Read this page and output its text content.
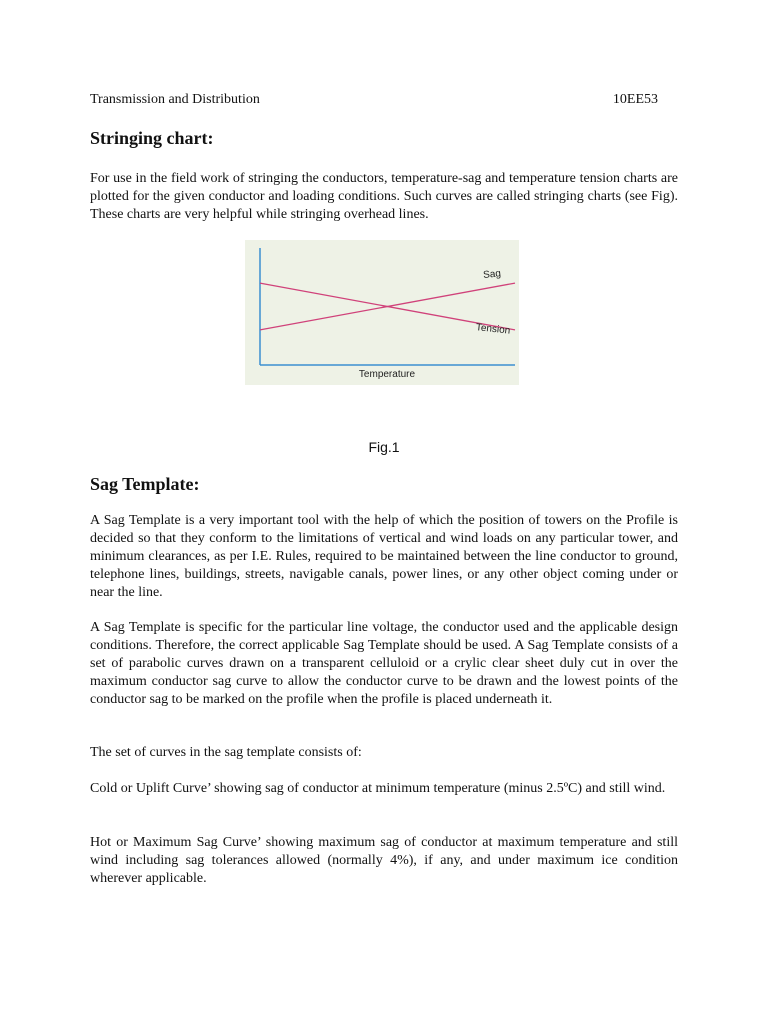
Transmission and Distribution	10EE53
Stringing chart:

For use in the field work of stringing the conductors, temperature-sag and temperature tension charts are plotted for the given conductor and loading conditions. Such curves are called stringing charts (see Fig). These charts are very helpful while stringing overhead lines.

Sag
Tension
Temperature
Fig.1
Sag Template:

A Sag Template is a very important tool with the help of which the position of towers on the Profile is decided so that they conform to the limitations of vertical and wind loads on any particular tower, and minimum clearances, as per I.E. Rules, required to be maintained between the line conductor to ground, telephone lines, buildings, streets, navigable canals, power lines, or any other object coming under or near the line.

A Sag Template is specific for the particular line voltage, the conductor used and the applicable design conditions. Therefore, the correct applicable Sag Template should be used. A Sag Template consists of a set of parabolic curves drawn on a transparent celluloid or a crylic clear sheet duly cut in over the maximum conductor sag curve to allow the conductor curve to be drawn and the lowest points of the conductor sag to be marked on the profile when the profile is placed underneath it.

The set of curves in the sag template consists of:

Cold or Uplift Curve’ showing sag of conductor at minimum temperature (minus 2.5ºC) and still wind.

Hot or Maximum Sag Curve’ showing maximum sag of conductor at maximum temperature and still wind including sag tolerances allowed (normally 4%), if any, and under maximum ice condition wherever applicable.
